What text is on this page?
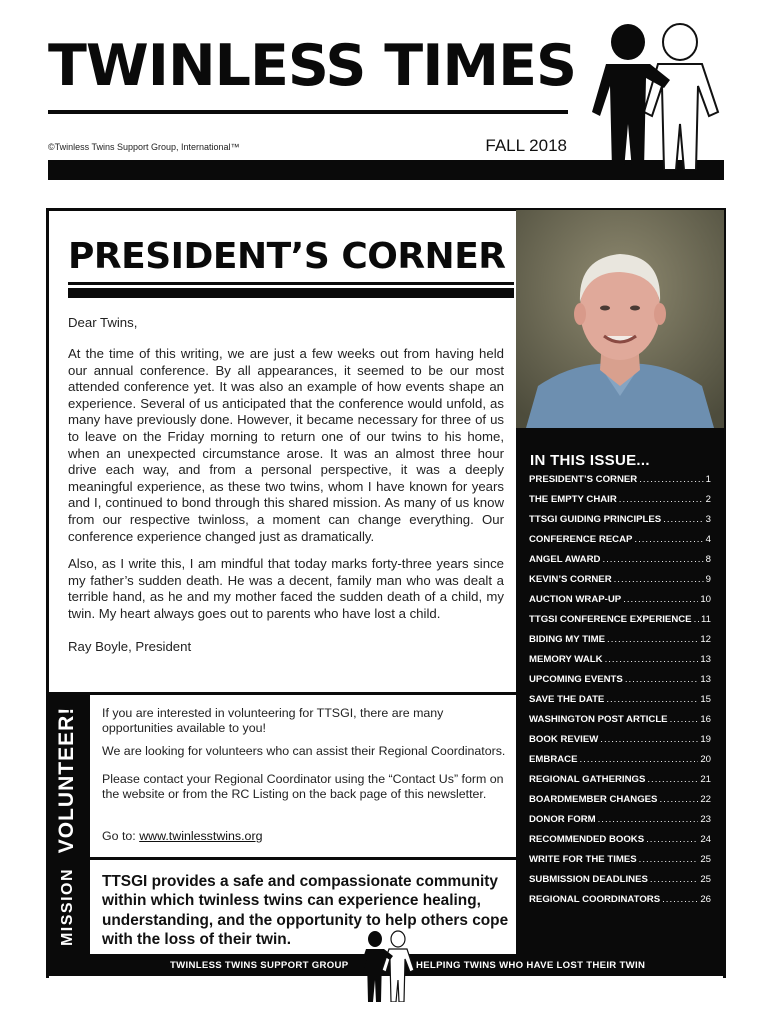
TWINLESS TIMES
©Twinless Twins Support Group, International™	FALL 2018
PRESIDENT’S CORNER
Dear Twins,
At the time of this writing, we are just a few weeks out from having held our annual conference. By all appearances, it seemed to be our most attended conference yet. It was also an example of how events shape an experience. Several of us anticipated that the conference would unfold, as many have previously done. However, it became necessary for three of us to leave on the Friday morning to return one of our twins to his home, when an unexpected circumstance arose. It was an almost three hour drive each way, and from a personal perspective, it was a deeply meaningful experience, as these two twins, whom I have known for years and I, continued to bond through this shared mission. As many of us know from our respective twinloss, a moment can change everything. Our conference experience changed just as dramatically.
Also, as I write this, I am mindful that today marks forty-three years since my father’s sudden death. He was a decent, family man who was dealt a terrible hand, as he and my mother faced the sudden death of a child, my twin. My heart always goes out to parents who have lost a child.
Ray Boyle, President
IN THIS ISSUE...
PRESIDENT’S CORNER .....	1
THE EMPTY CHAIR .....	2
TTSGI GUIDING PRINCIPLES .....	3
CONFERENCE RECAP .....	4
ANGEL AWARD .....	8
KEVIN’S CORNER .....	9
AUCTION WRAP-UP .....	10
TTGSI CONFERENCE EXPERIENCE ..... 11
BIDING MY TIME .....	12
MEMORY WALK .....	13
UPCOMING EVENTS .....	13
SAVE THE DATE .....	15
WASHINGTON POST ARTICLE .....	16
BOOK REVIEW .....	19
EMBRACE .....	20
REGIONAL GATHERINGS .....	21
BOARDMEMBER CHANGES .....	22
DONOR FORM .....	23
RECOMMENDED BOOKS .....	24
WRITE FOR THE TIMES .....	25
SUBMISSION DEADLINES .....	25
REGIONAL COORDINATORS .....	26
VOLUNTEER! If you are interested in volunteering for TTSGI, there are many opportunities available to you!
We are looking for volunteers who can assist their Regional Coordinators.
Please contact your Regional Coordinator using the “Contact Us” form on the website or from the RC Listing on the back page of this newsletter.
Go to: www.twinlesstwins.org
MISSION TTSGI provides a safe and compassionate community within which twinless twins can experience healing, understanding, and the opportunity to help others cope with the loss of their twin.
TWINLESS TWINS SUPPORT GROUP	HELPING TWINS WHO HAVE LOST THEIR TWIN
